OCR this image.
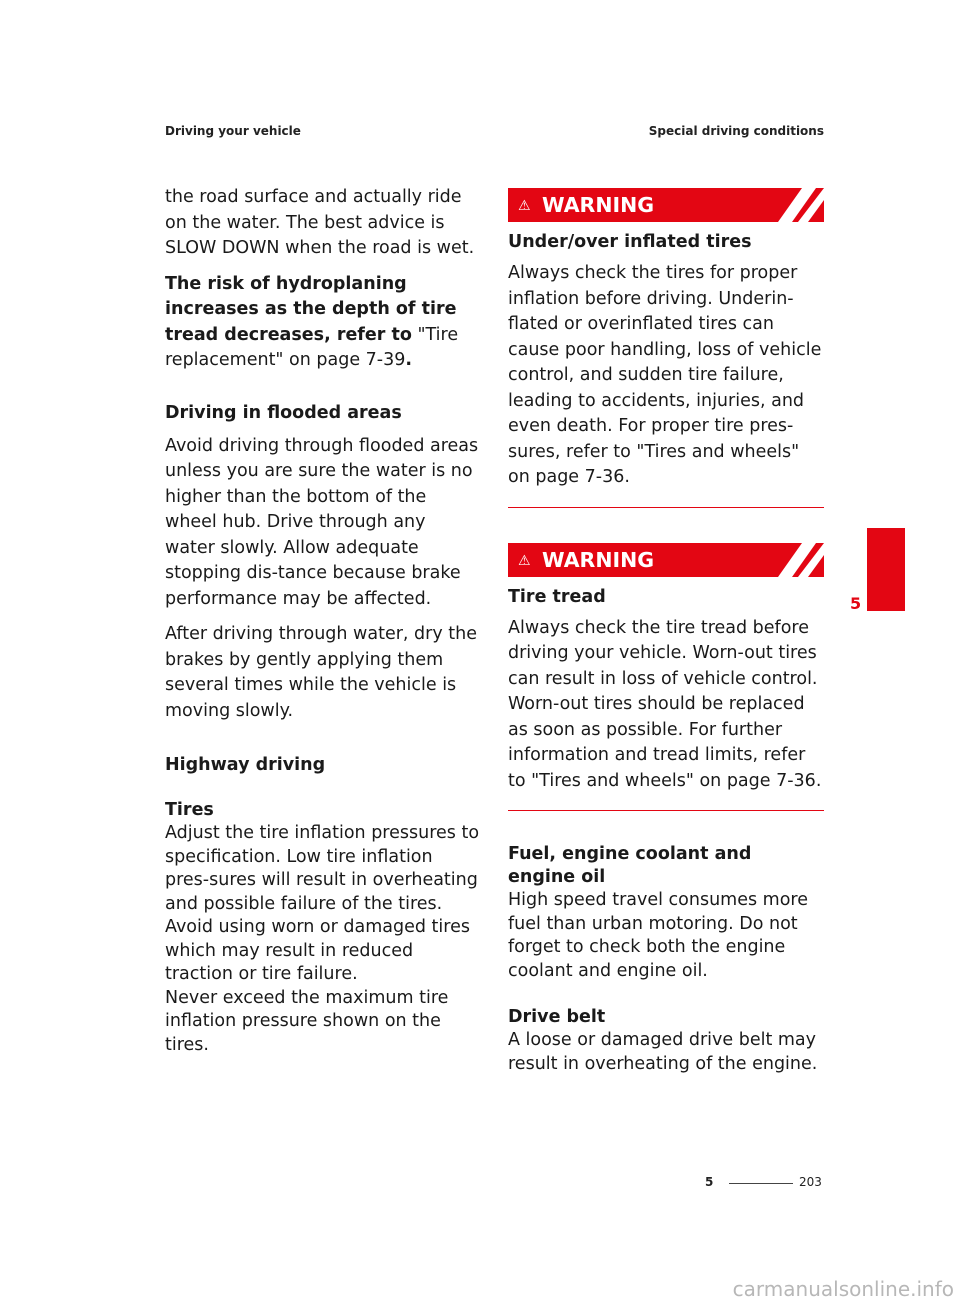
Driving your vehicle	Special driving conditions

the road surface and actually ride on the water. The best advice is SLOW DOWN when the road is wet.

The risk of hydroplaning increases as the depth of tire tread decreases, refer to "Tire replacement" on page 7-39.

Driving in flooded areas

Avoid driving through flooded areas unless you are sure the water is no higher than the bottom of the wheel hub. Drive through any water slowly. Allow adequate stopping dis-tance because brake performance may be affected.

After driving through water, dry the brakes by gently applying them several times while the vehicle is moving slowly.

Highway driving

Tires

Adjust the tire inflation pressures to specification. Low tire inflation pres-sures will result in overheating and possible failure of the tires.

Avoid using worn or damaged tires which may result in reduced traction or tire failure.

Never exceed the maximum tire inflation pressure shown on the tires.

⚠ WARNING

Under/over inflated tires

Always check the tires for proper inflation before driving. Underin-flated or overinflated tires can cause poor handling, loss of vehicle control, and sudden tire failure, leading to accidents, injuries, and even death. For proper tire pres-sures, refer to "Tires and wheels" on page 7-36.

⚠ WARNING

Tire tread

Always check the tire tread before driving your vehicle. Worn-out tires can result in loss of vehicle control. Worn-out tires should be replaced as soon as possible. For further information and tread limits, refer to "Tires and wheels" on page 7-36.

Fuel, engine coolant and engine oil

High speed travel consumes more fuel than urban motoring. Do not forget to check both the engine coolant and engine oil.

Drive belt

A loose or damaged drive belt may result in overheating of the engine.

5
5	203
carmanualsonline.info
